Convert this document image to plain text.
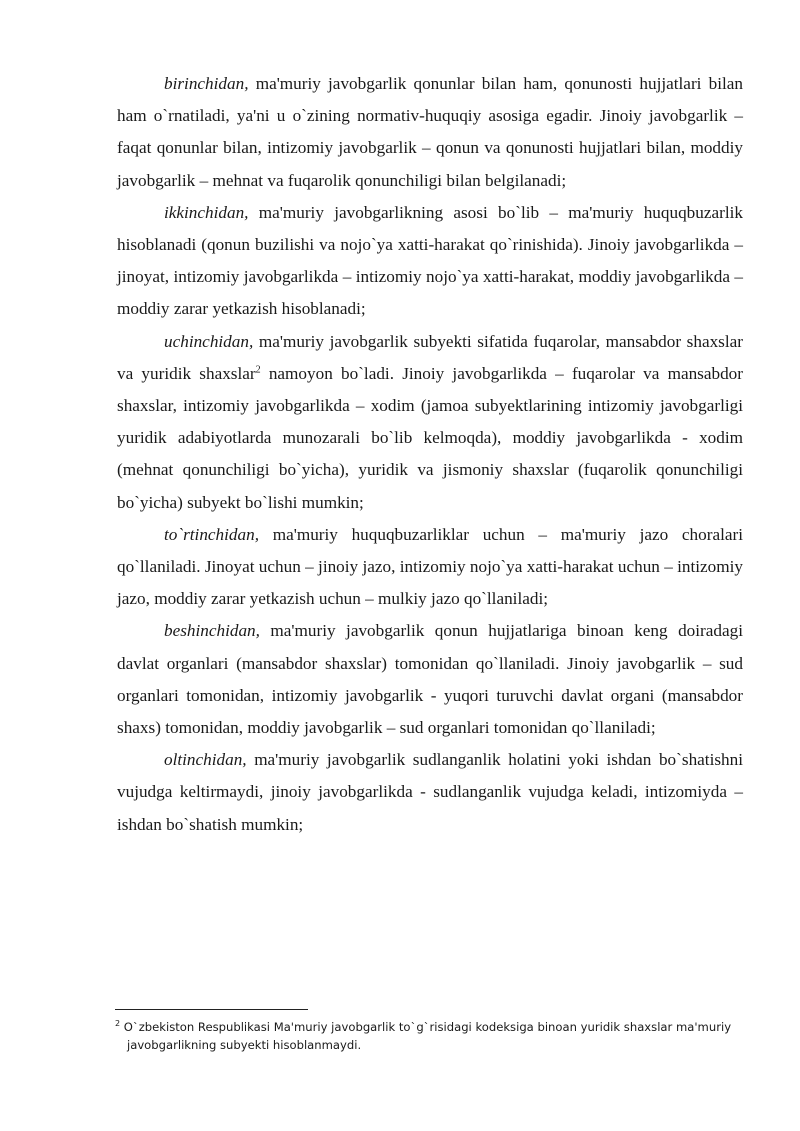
birinchidan, ma'muriy javobgarlik qonunlar bilan ham, qonunosti hujjatlari bilan ham o`rnatiladi, ya'ni u o`zining normativ-huquqiy asosiga egadir. Jinoiy javobgarlik – faqat qonunlar bilan, intizomiy javobgarlik – qonun va qonunosti hujjatlari bilan, moddiy javobgarlik – mehnat va fuqarolik qonunchiligi bilan belgilanadi;

ikkinchidan, ma'muriy javobgarlikning asosi bo`lib – ma'muriy huquqbuzarlik hisoblanadi (qonun buzilishi va nojo`ya xatti-harakat qo`rinishida). Jinoiy javobgarlikda – jinoyat, intizomiy javobgarlikda – intizomiy nojo`ya xatti-harakat, moddiy javobgarlikda – moddiy zarar yetkazish hisoblanadi;

uchinchidan, ma'muriy javobgarlik subyekti sifatida fuqarolar, mansabdor shaxslar va yuridik shaxslar$^2$ namoyon bo`ladi. Jinoiy javobgarlikda – fuqarolar va mansabdor shaxslar, intizomiy javobgarlikda – xodim (jamoa subyektlarining intizomiy javobgarligi yuridik adabiyotlarda munozarali bo`lib kelmoqda), moddiy javobgarlikda - xodim (mehnat qonunchiligi bo`yicha), yuridik va jismoniy shaxslar (fuqarolik qonunchiligi bo`yicha) subyekt bo`lishi mumkin;

to`rtinchidan, ma'muriy huquqbuzarliklar uchun – ma'muriy jazo choralari qo`llaniladi. Jinoyat uchun – jinoiy jazo, intizomiy nojo`ya xatti-harakat uchun – intizomiy jazo, moddiy zarar yetkazish uchun – mulkiy jazo qo`llaniladi;

beshinchidan, ma'muriy javobgarlik qonun hujjatlariga binoan keng doiradagi davlat organlari (mansabdor shaxslar) tomonidan qo`llaniladi. Jinoiy javobgarlik – sud organlari tomonidan, intizomiy javobgarlik - yuqori turuvchi davlat organi (mansabdor shaxs) tomonidan, moddiy javobgarlik – sud organlari tomonidan qo`llaniladi;

oltinchidan, ma'muriy javobgarlik sudlanganlik holatini yoki ishdan bo`shatishni vujudga keltirmaydi, jinoiy javobgarlikda - sudlanganlik vujudga keladi, intizomiyda – ishdan bo`shatish mumkin;

$^2$ O`zbekiston Respublikasi Ma'muriy javobgarlik to`g`risidagi kodeksiga binoan yuridik shaxslar ma'muriy javobgarlikning subyekti hisoblanmaydi.
